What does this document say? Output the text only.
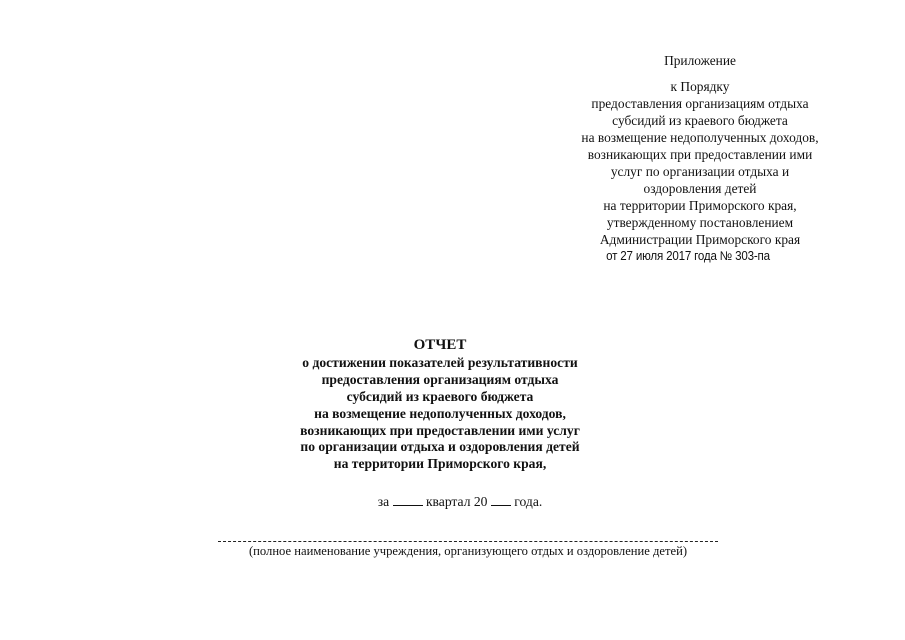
Приложение
к Порядку
предоставления организациям отдыха
субсидий из краевого бюджета
на возмещение недополученных доходов,
возникающих при предоставлении ими
услуг по организации отдыха и
оздоровления детей
на территории Приморского края,
утвержденному постановлением
Администрации Приморского края
от 27 июля 2017 года № 303-па
ОТЧЕТ
о достижении показателей результативности
предоставления организациям отдыха
субсидий из краевого бюджета
на возмещение недополученных доходов,
возникающих при предоставлении ими услуг
по организации отдыха и оздоровления детей
на территории Приморского края,
за	квартал 20 года.
(полное наименование учреждения, организующего отдых и оздоровление детей)
